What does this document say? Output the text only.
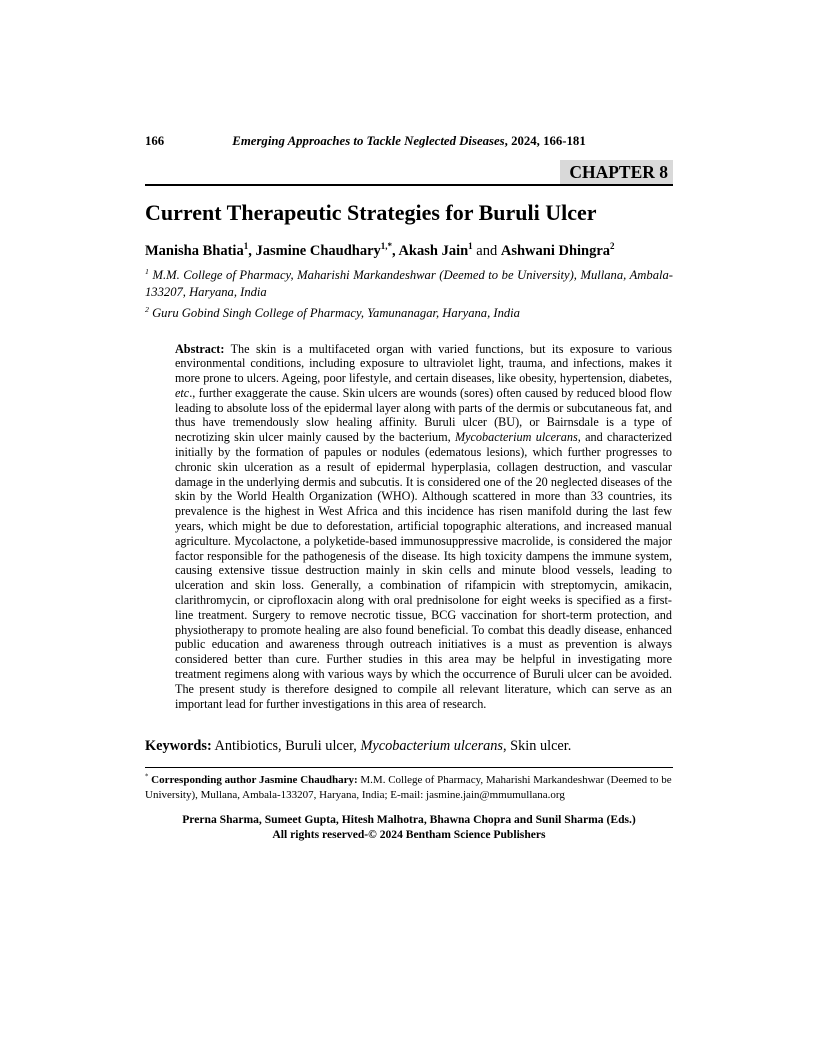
166	Emerging Approaches to Tackle Neglected Diseases, 2024, 166-181
CHAPTER 8
Current Therapeutic Strategies for Buruli Ulcer

Manisha Bhatia$^1$, Jasmine Chaudhary$^{1,*}$, Akash Jain$^1$ and Ashwani Dhingra$^2$

$^1$ M.M. College of Pharmacy, Maharishi Markandeshwar (Deemed to be University), Mullana, Ambala-133207, Haryana, India

$^2$ Guru Gobind Singh College of Pharmacy, Yamunanagar, Haryana, India

Abstract: The skin is a multifaceted organ with varied functions, but its exposure to various environmental conditions, including exposure to ultraviolet light, trauma, and infections, makes it more prone to ulcers. Ageing, poor lifestyle, and certain diseases, like obesity, hypertension, diabetes, etc., further exaggerate the cause. Skin ulcers are wounds (sores) often caused by reduced blood flow leading to absolute loss of the epidermal layer along with parts of the dermis or subcutaneous fat, and thus have tremendously slow healing affinity. Buruli ulcer (BU), or Bairnsdale is a type of necrotizing skin ulcer mainly caused by the bacterium, Mycobacterium ulcerans, and characterized initially by the formation of papules or nodules (edematous lesions), which further progresses to chronic skin ulceration as a result of epidermal hyperplasia, collagen destruction, and vascular damage in the underlying dermis and subcutis. It is considered one of the 20 neglected diseases of the skin by the World Health Organization (WHO). Although scattered in more than 33 countries, its prevalence is the highest in West Africa and this incidence has risen manifold during the last few years, which might be due to deforestation, artificial topographic alterations, and increased manual agriculture. Mycolactone, a polyketide-based immunosuppressive macrolide, is considered the major factor responsible for the pathogenesis of the disease. Its high toxicity dampens the immune system, causing extensive tissue destruction mainly in skin cells and minute blood vessels, leading to ulceration and skin loss. Generally, a combination of rifampicin with streptomycin, amikacin, clarithromycin, or ciprofloxacin along with oral prednisolone for eight weeks is specified as a first-line treatment. Surgery to remove necrotic tissue, BCG vaccination for short-term protection, and physiotherapy to promote healing are also found beneficial. To combat this deadly disease, enhanced public education and awareness through outreach initiatives is a must as prevention is always considered better than cure. Further studies in this area may be helpful in investigating more treatment regimens along with various ways by which the occurrence of Buruli ulcer can be avoided. The present study is therefore designed to compile all relevant literature, which can serve as an important lead for further investigations in this area of research.

Keywords: Antibiotics, Buruli ulcer, Mycobacterium ulcerans, Skin ulcer.

* Corresponding author Jasmine Chaudhary: M.M. College of Pharmacy, Maharishi Markandeshwar (Deemed to be University), Mullana, Ambala-133207, Haryana, India; E-mail: jasmine.jain@mmumullana.org
Prerna Sharma, Sumeet Gupta, Hitesh Malhotra, Bhawna Chopra and Sunil Sharma (Eds.)
All rights reserved-© 2024 Bentham Science Publishers
